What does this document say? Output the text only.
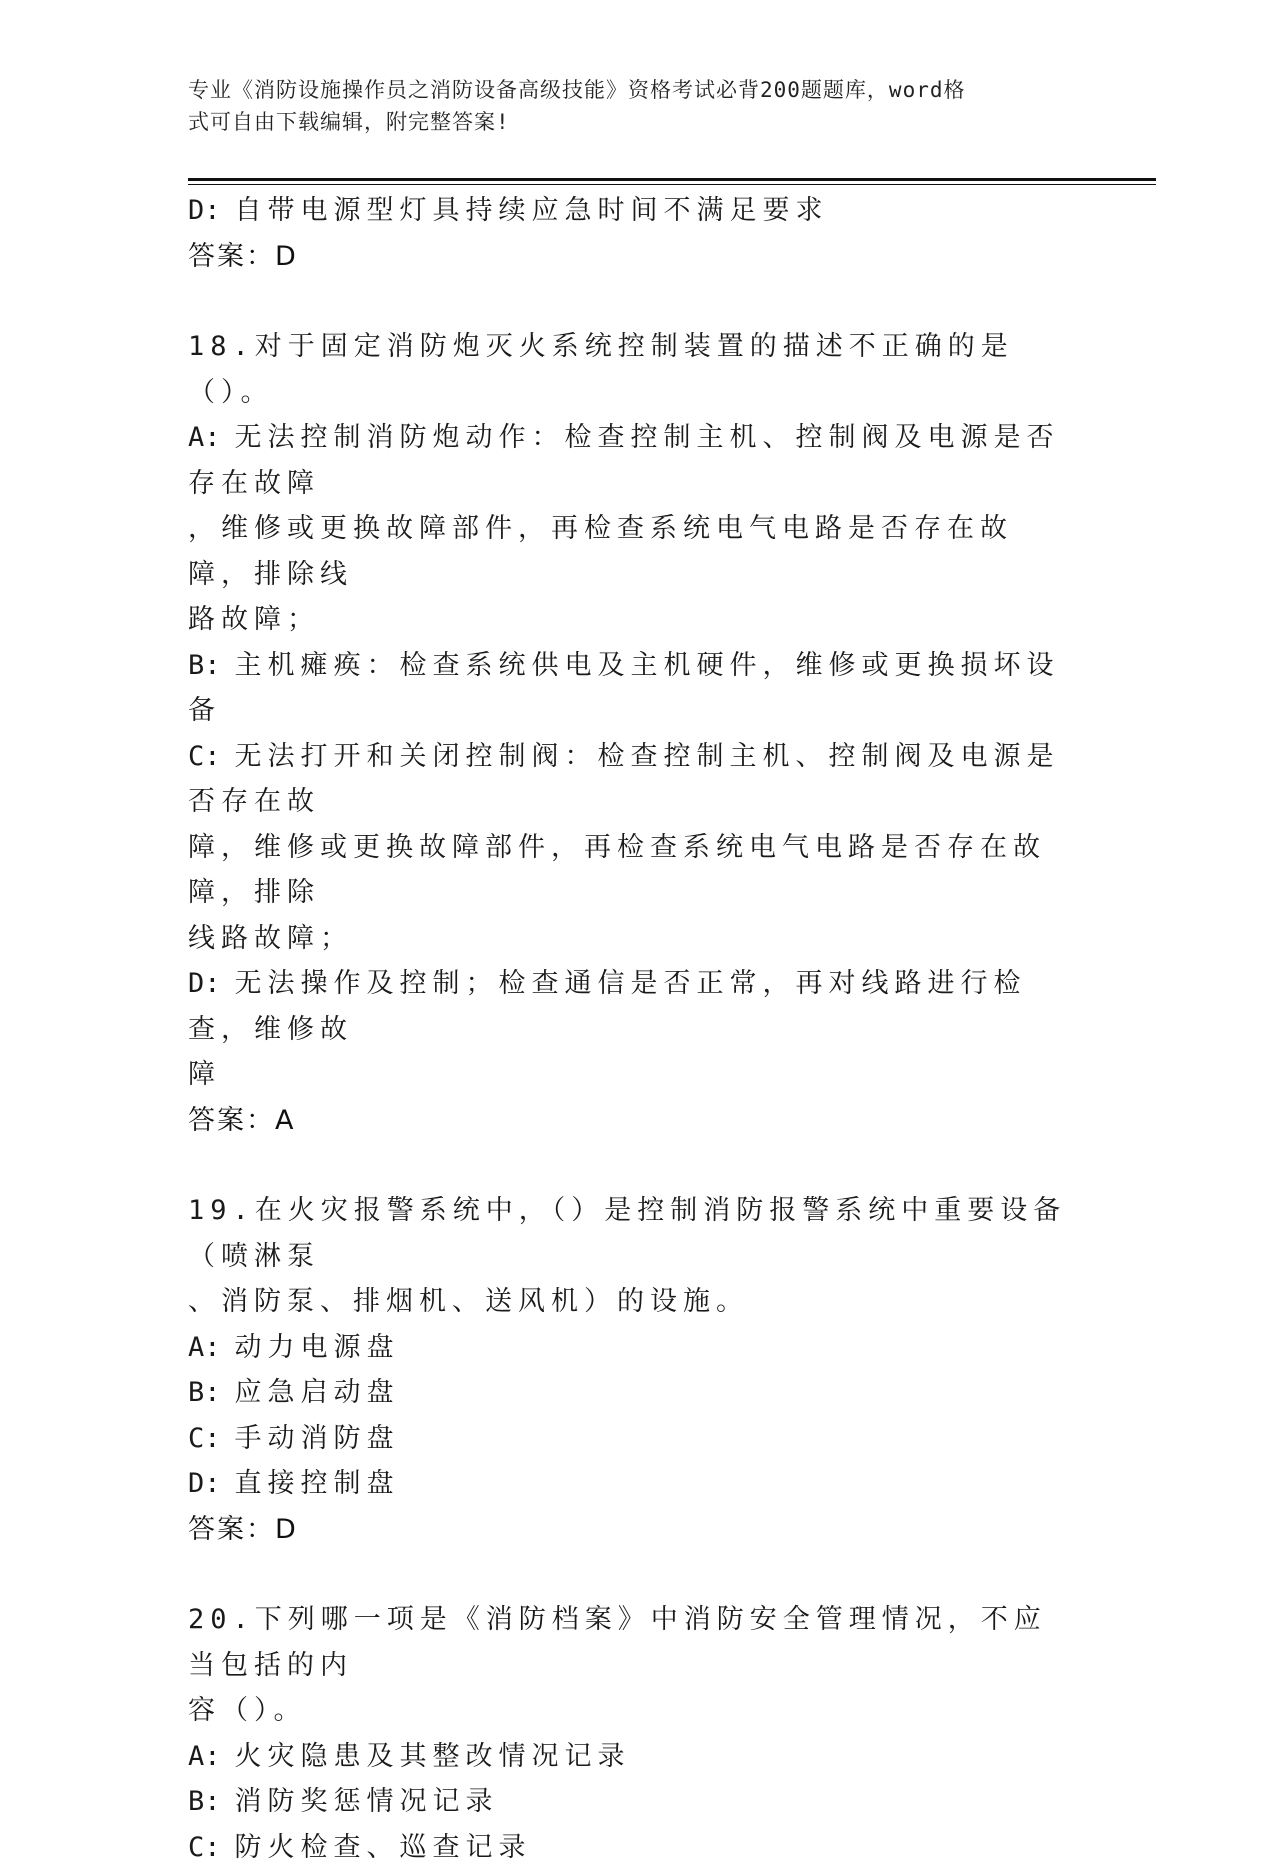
专业《消防设施操作员之消防设备高级技能》资格考试必背200题题库，word格
式可自由下载编辑，附完整答案!
D: 自带电源型灯具持续应急时间不满足要求
答案：D
18.对于固定消防炮灭火系统控制装置的描述不正确的是（）。
A: 无法控制消防炮动作：检查控制主机、控制阀及电源是否存在故障
，维修或更换故障部件，再检查系统电气电路是否存在故障，排除线
路故障；
B: 主机瘫痪：检查系统供电及主机硬件，维修或更换损坏设备
C: 无法打开和关闭控制阀：检查控制主机、控制阀及电源是否存在故
障，维修或更换故障部件，再检查系统电气电路是否存在故障，排除
线路故障；
D: 无法操作及控制；检查通信是否正常，再对线路进行检查，维修故
障
答案：A
19.在火灾报警系统中，（）是控制消防报警系统中重要设备（喷淋泵
、消防泵、排烟机、送风机）的设施。
A: 动力电源盘
B: 应急启动盘
C: 手动消防盘
D: 直接控制盘
答案：D
20.下列哪一项是《消防档案》中消防安全管理情况，不应当包括的内
容（）。
A: 火灾隐患及其整改情况记录
B: 消防奖惩情况记录
C: 防火检查、巡查记录
